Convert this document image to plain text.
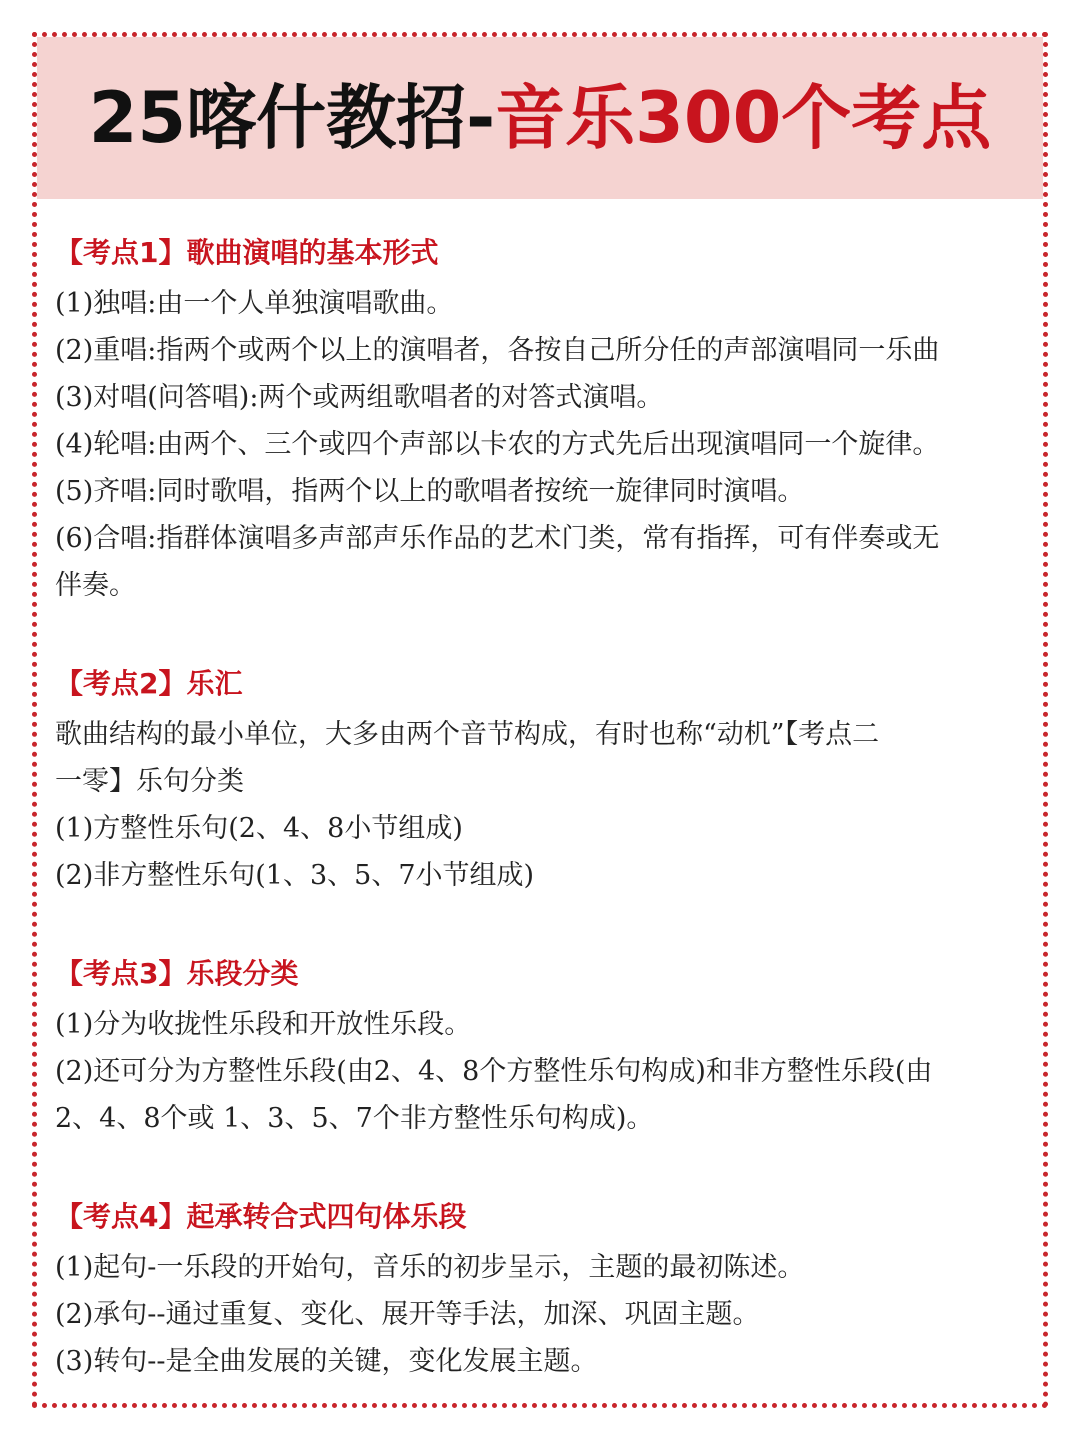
25喀什教招-音乐300个考点
【考点1】歌曲演唱的基本形式

(1)独唱:由一个人单独演唱歌曲。

(2)重唱:指两个或两个以上的演唱者，各按自己所分任的声部演唱同一乐曲

(3)对唱(问答唱):两个或两组歌唱者的对答式演唱。

(4)轮唱:由两个、三个或四个声部以卡农的方式先后出现演唱同一个旋律。

(5)齐唱:同时歌唱，指两个以上的歌唱者按统一旋律同时演唱。

(6)合唱:指群体演唱多声部声乐作品的艺术门类，常有指挥，可有伴奏或无

伴奏。

【考点2】乐汇

歌曲结构的最小单位，大多由两个音节构成，有时也称“动机”【考点二

一零】乐句分类

(1)方整性乐句(2、4、8小节组成)

(2)非方整性乐句(1、3、5、7小节组成)

【考点3】乐段分类

(1)分为收拢性乐段和开放性乐段。

(2)还可分为方整性乐段(由2、4、8个方整性乐句构成)和非方整性乐段(由

2、4、8个或 1、3、5、7个非方整性乐句构成)。

【考点4】起承转合式四句体乐段

(1)起句-一乐段的开始句，音乐的初步呈示，主题的最初陈述。

(2)承句--通过重复、变化、展开等手法，加深、巩固主题。

(3)转句--是全曲发展的关键，变化发展主题。
